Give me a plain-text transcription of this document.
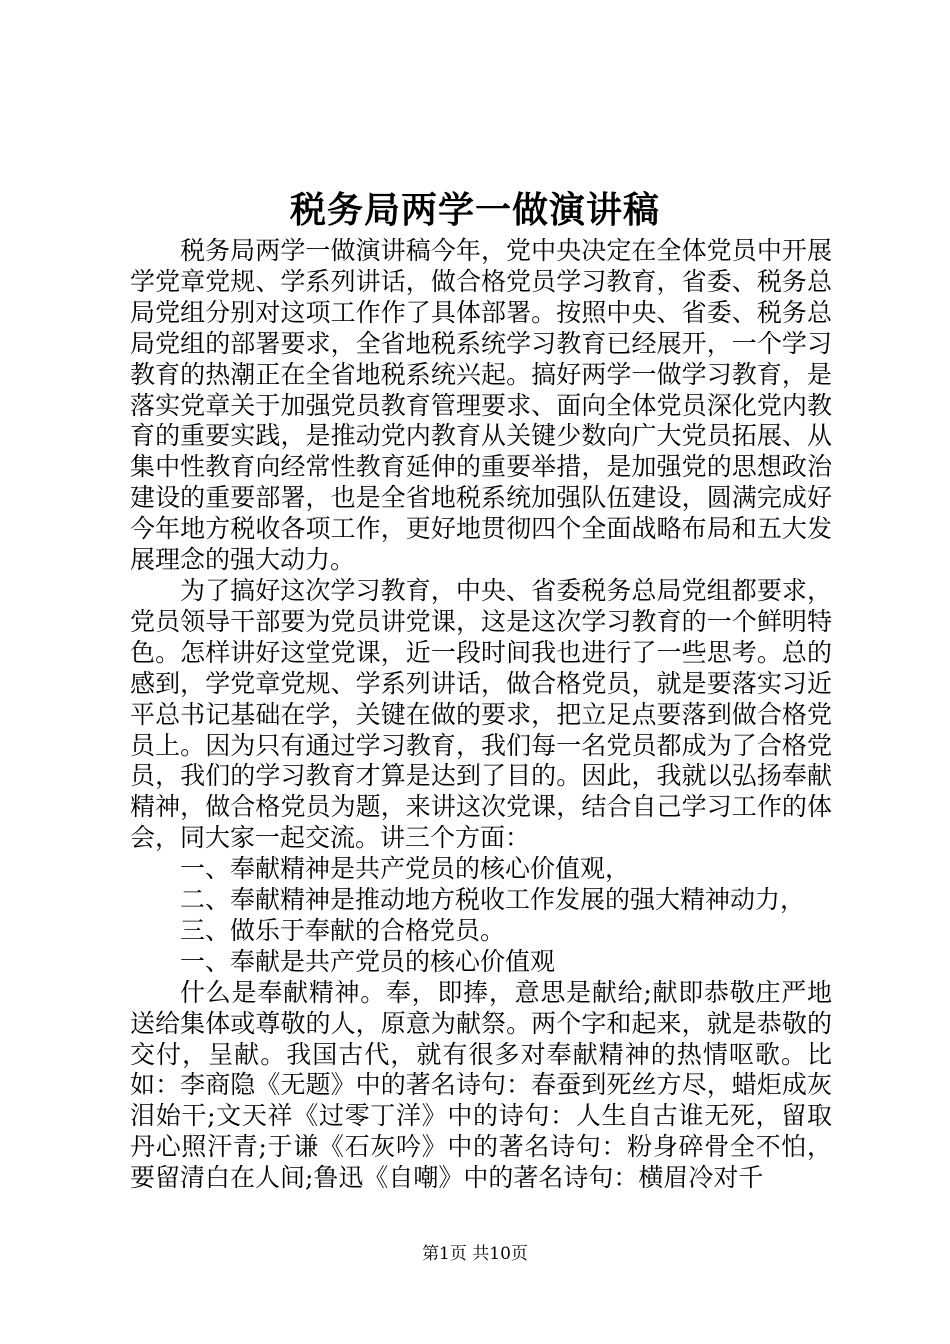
税务局两学一做演讲稿

税务局两学一做演讲稿今年，党中央决定在全体党员中开展学党章党规、学系列讲话，做合格党员学习教育，省委、税务总局党组分别对这项工作作了具体部署。按照中央、省委、税务总局党组的部署要求，全省地税系统学习教育已经展开，一个学习教育的热潮正在全省地税系统兴起。搞好两学一做学习教育，是落实党章关于加强党员教育管理要求、面向全体党员深化党内教育的重要实践，是推动党内教育从关键少数向广大党员拓展、从集中性教育向经常性教育延伸的重要举措，是加强党的思想政治建设的重要部署，也是全省地税系统加强队伍建设，圆满完成好今年地方税收各项工作，更好地贯彻四个全面战略布局和五大发展理念的强大动力。

为了搞好这次学习教育，中央、省委税务总局党组都要求，党员领导干部要为党员讲党课，这是这次学习教育的一个鲜明特色。怎样讲好这堂党课，近一段时间我也进行了一些思考。总的感到，学党章党规、学系列讲话，做合格党员，就是要落实习近平总书记基础在学，关键在做的要求，把立足点要落到做合格党员上。因为只有通过学习教育，我们每一名党员都成为了合格党员，我们的学习教育才算是达到了目的。因此，我就以弘扬奉献精神，做合格党员为题，来讲这次党课，结合自己学习工作的体会，同大家一起交流。讲三个方面：

一、奉献精神是共产党员的核心价值观，

二、奉献精神是推动地方税收工作发展的强大精神动力，

三、做乐于奉献的合格党员。

一、奉献是共产党员的核心价值观

什么是奉献精神。奉，即捧，意思是献给;献即恭敬庄严地送给集体或尊敬的人，原意为献祭。两个字和起来，就是恭敬的交付，呈献。我国古代，就有很多对奉献精神的热情呕歌。比如：李商隐《无题》中的著名诗句：春蚕到死丝方尽，蜡炬成灰泪始干;文天祥《过零丁洋》中的诗句：人生自古谁无死，留取丹心照汗青;于谦《石灰吟》中的著名诗句：粉身碎骨全不怕，要留清白在人间;鲁迅《自嘲》中的著名诗句：横眉冷对千

第1页 共10页
